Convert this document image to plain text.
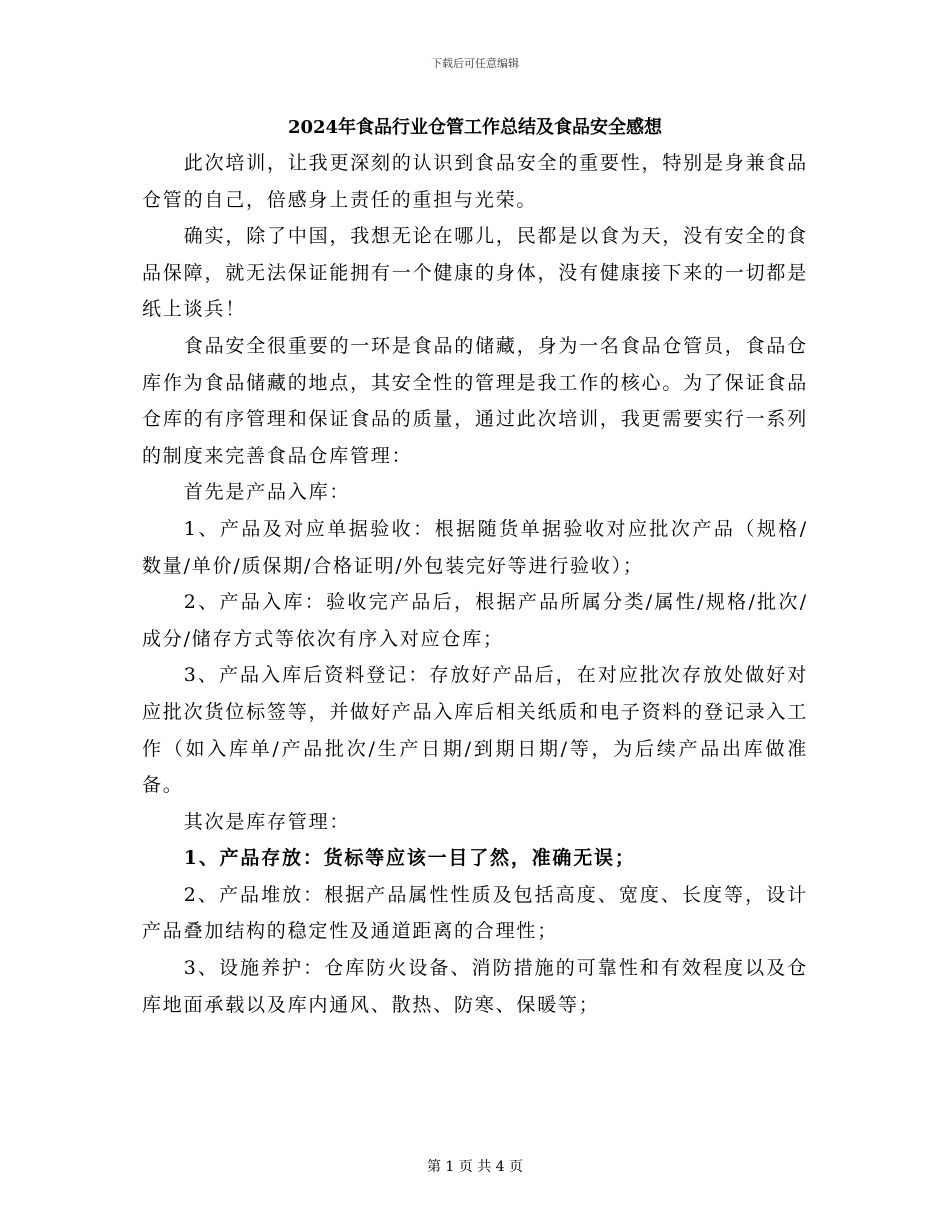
下载后可任意编辑
2024年食品行业仓管工作总结及食品安全感想

此次培训，让我更深刻的认识到食品安全的重要性，特别是身兼食品仓管的自己，倍感身上责任的重担与光荣。

确实，除了中国，我想无论在哪儿，民都是以食为天，没有安全的食品保障，就无法保证能拥有一个健康的身体，没有健康接下来的一切都是纸上谈兵！

食品安全很重要的一环是食品的储藏，身为一名食品仓管员，食品仓库作为食品储藏的地点，其安全性的管理是我工作的核心。为了保证食品仓库的有序管理和保证食品的质量，通过此次培训，我更需要实行一系列的制度来完善食品仓库管理：

首先是产品入库：

1、产品及对应单据验收：根据随货单据验收对应批次产品（规格/数量/单价/质保期/合格证明/外包装完好等进行验收）；

2、产品入库：验收完产品后，根据产品所属分类/属性/规格/批次/成分/储存方式等依次有序入对应仓库；

3、产品入库后资料登记：存放好产品后，在对应批次存放处做好对应批次货位标签等，并做好产品入库后相关纸质和电子资料的登记录入工作（如入库单/产品批次/生产日期/到期日期/等，为后续产品出库做准备。

其次是库存管理：

1、产品存放：货标等应该一目了然，准确无误；

2、产品堆放：根据产品属性性质及包括高度、宽度、长度等，设计产品叠加结构的稳定性及通道距离的合理性；

3、设施养护：仓库防火设备、消防措施的可靠性和有效程度以及仓库地面承载以及库内通风、散热、防寒、保暖等；

第 1 页 共 4 页
